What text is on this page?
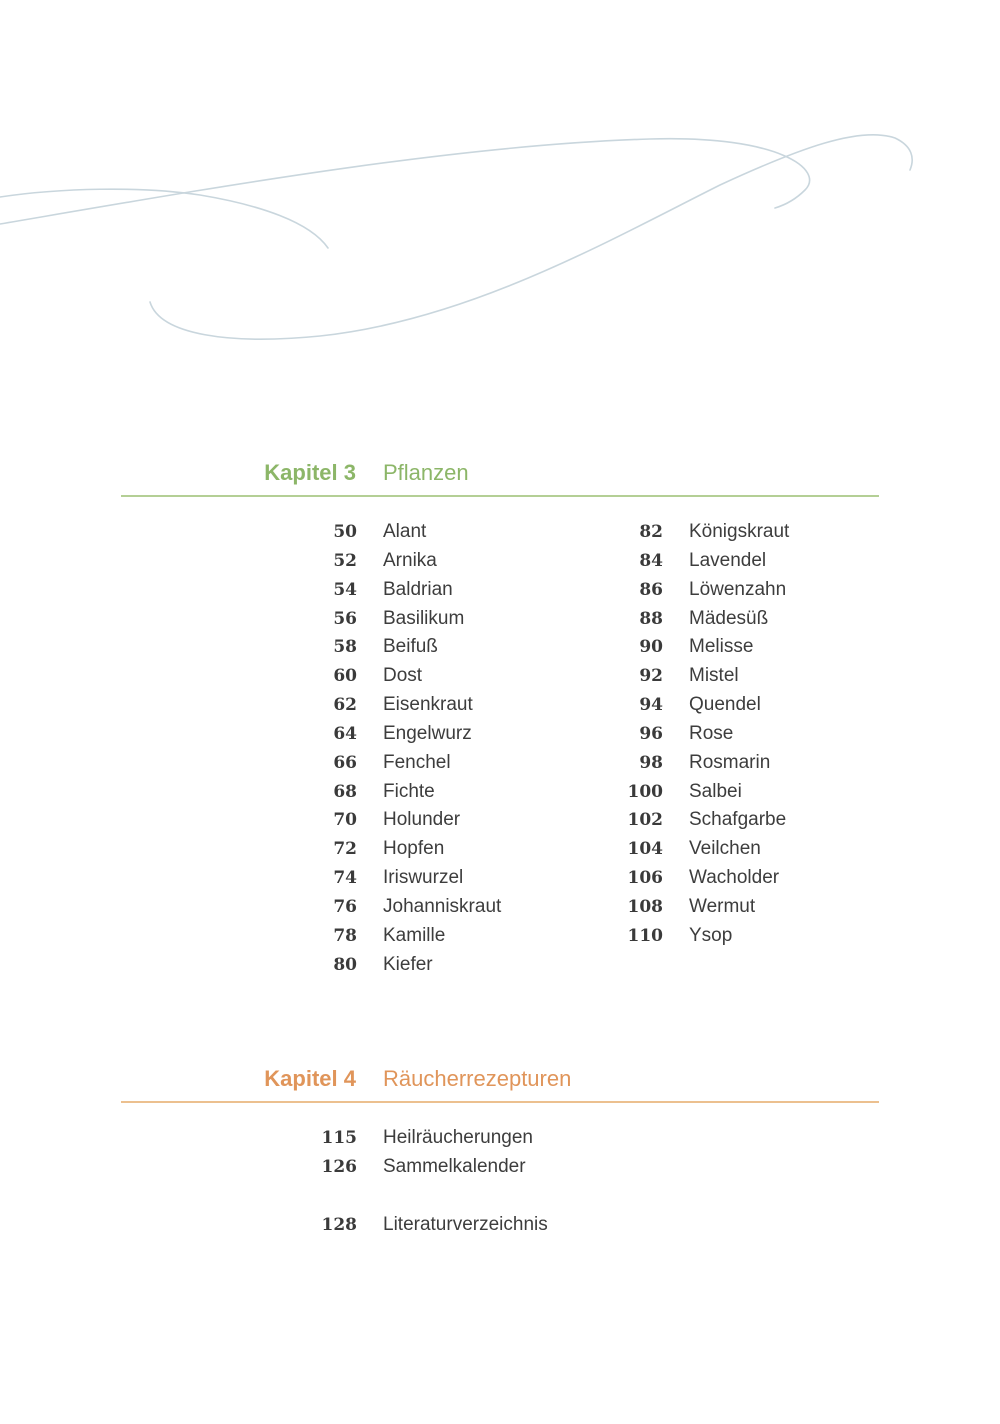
Kapitel 3 Pflanzen
50 Alant
52 Arnika
54 Baldrian
56 Basilikum
58 Beifuß
60 Dost
62 Eisenkraut
64 Engelwurz
66 Fenchel
68 Fichte
70 Holunder
72 Hopfen
74 Iriswurzel
76 Johanniskraut
78 Kamille
80 Kiefer
82 Königskraut
84 Lavendel
86 Löwenzahn
88 Mädesüß
90 Melisse
92 Mistel
94 Quendel
96 Rose
98 Rosmarin
100 Salbei
102 Schafgarbe
104 Veilchen
106 Wacholder
108 Wermut
110 Ysop
Kapitel 4 Räucherrezepturen
115 Heilräucherungen
126 Sammelkalender
128 Literaturverzeichnis
